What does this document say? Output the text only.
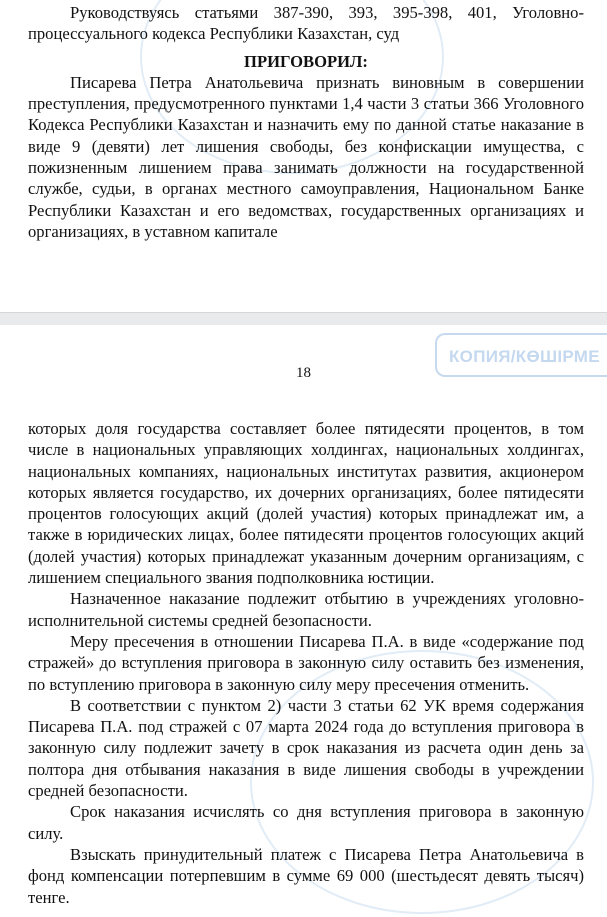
Руководствуясь статьями 387-390, 393, 395-398, 401, Уголовно-процессуального кодекса Республики Казахстан, суд

ПРИГОВОРИЛ:

Писарева Петра Анатольевича признать виновным в совершении преступления, предусмотренного пунктами 1,4 части 3 статьи 366 Уголовного Кодекса Республики Казахстан и назначить ему по данной статье наказание в виде 9 (девяти) лет лишения свободы, без конфискации имущества, с пожизненным лишением права занимать должности на государственной службе, судьи, в органах местного самоуправления, Национальном Банке Республики Казахстан и его ведомствах, государственных организациях и организациях, в уставном капитале

КОПИЯ/КӨШІРМЕ
18

которых доля государства составляет более пятидесяти процентов, в том числе в национальных управляющих холдингах, национальных холдингах, национальных компаниях, национальных институтах развития, акционером которых является государство, их дочерних организациях, более пятидесяти процентов голосующих акций (долей участия) которых принадлежат им, а также в юридических лицах, более пятидесяти процентов голосующих акций (долей участия) которых принадлежат указанным дочерним организациям, с лишением специального звания подполковника юстиции.

Назначенное наказание подлежит отбытию в учреждениях уголовно-исполнительной системы средней безопасности.

Меру пресечения в отношении Писарева П.А. в виде «содержание под стражей» до вступления приговора в законную силу оставить без изменения, по вступлению приговора в законную силу меру пресечения отменить.

В соответствии с пунктом 2) части 3 статьи 62 УК время содержания Писарева П.А. под стражей с 07 марта 2024 года до вступления приговора в законную силу подлежит зачету в срок наказания из расчета один день за полтора дня отбывания наказания в виде лишения свободы в учреждении средней безопасности.

Срок наказания исчислять со дня вступления приговора в законную силу.

Взыскать принудительный платеж с Писарева Петра Анатольевича в фонд компенсации потерпевшим в сумме 69 000 (шестьдесят девять тысяч) тенге.
